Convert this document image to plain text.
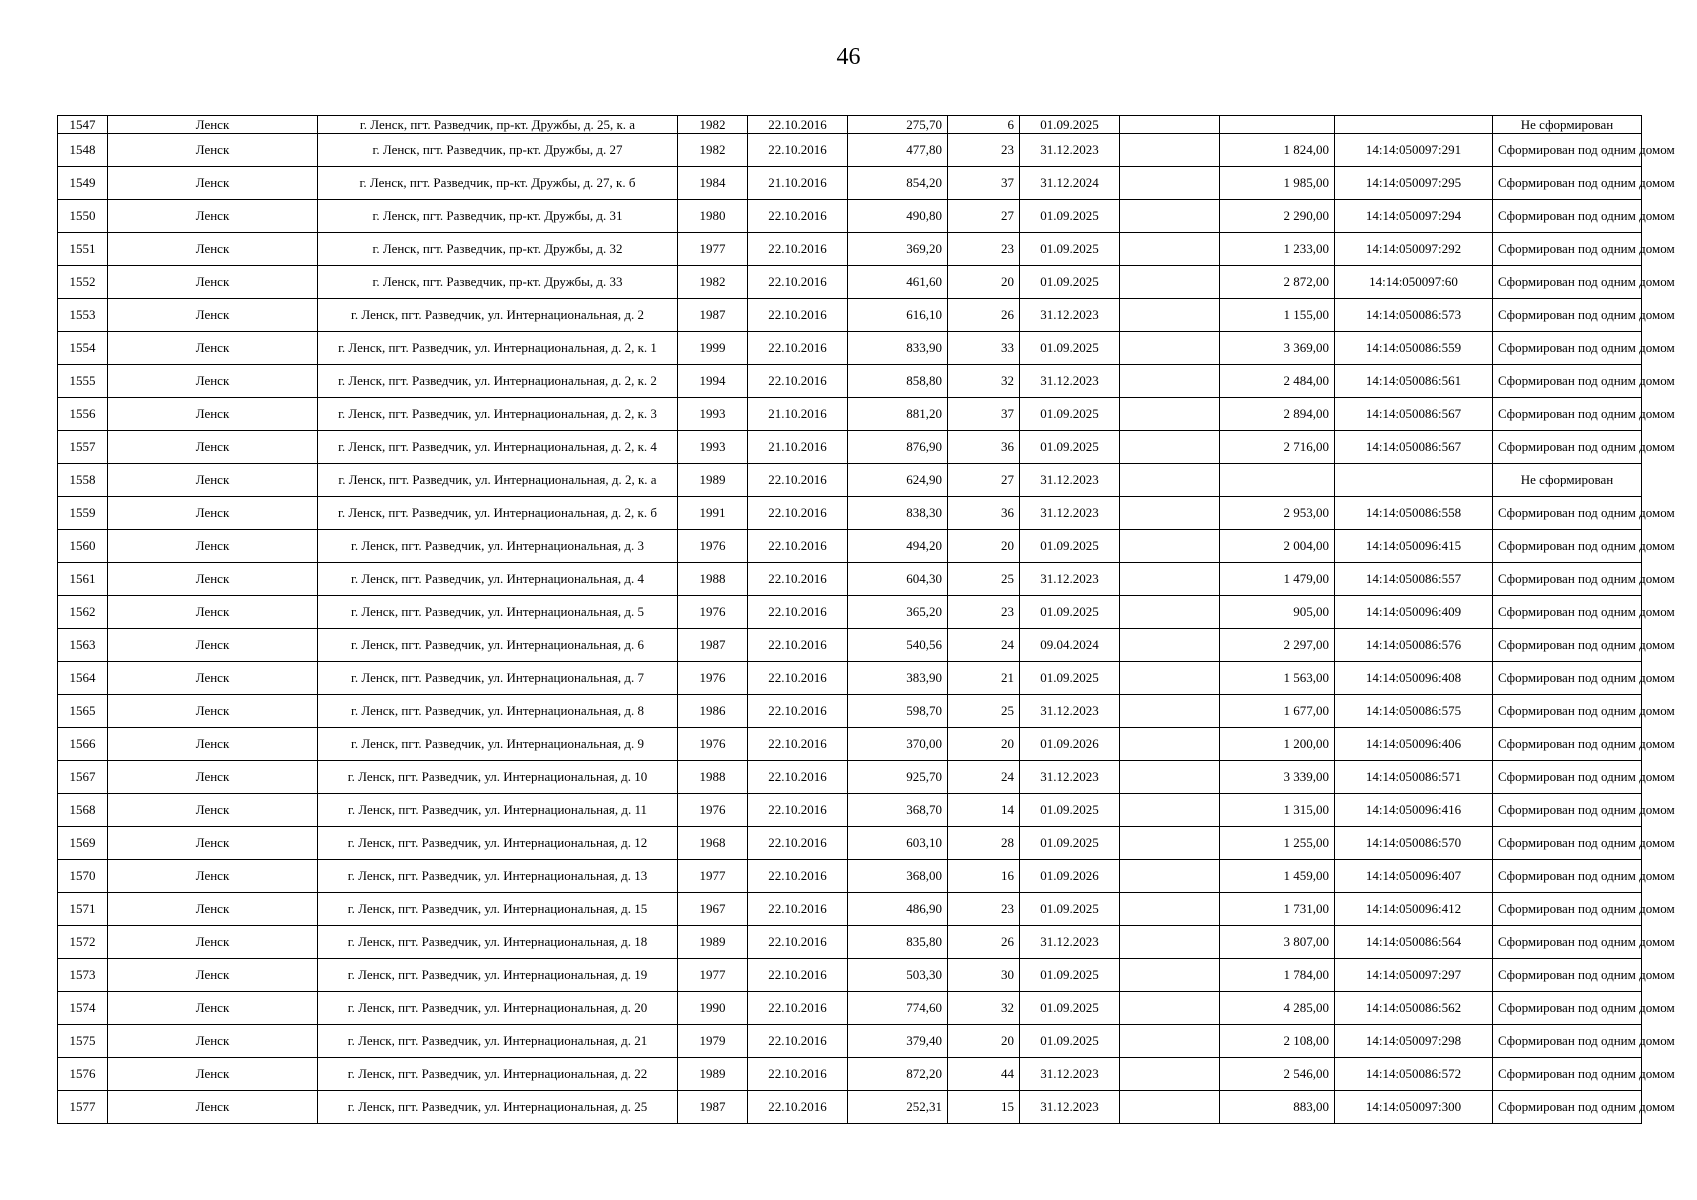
46
1547	Ленск	г. Ленск, пгт. Разведчик, пр-кт. Дружбы, д. 25, к. а	1982	22.10.2016	275,70	6	01.09.2025				Не сформирован
1548	Ленск	г. Ленск, пгт. Разведчик, пр-кт. Дружбы, д. 27	1982	22.10.2016	477,80	23	31.12.2023		1 824,00	14:14:050097:291	Сформирован под одним домом
1549	Ленск	г. Ленск, пгт. Разведчик, пр-кт. Дружбы, д. 27, к. б	1984	21.10.2016	854,20	37	31.12.2024		1 985,00	14:14:050097:295	Сформирован под одним домом
1550	Ленск	г. Ленск, пгт. Разведчик, пр-кт. Дружбы, д. 31	1980	22.10.2016	490,80	27	01.09.2025		2 290,00	14:14:050097:294	Сформирован под одним домом
1551	Ленск	г. Ленск, пгт. Разведчик, пр-кт. Дружбы, д. 32	1977	22.10.2016	369,20	23	01.09.2025		1 233,00	14:14:050097:292	Сформирован под одним домом
1552	Ленск	г. Ленск, пгт. Разведчик, пр-кт. Дружбы, д. 33	1982	22.10.2016	461,60	20	01.09.2025		2 872,00	14:14:050097:60	Сформирован под одним домом
1553	Ленск	г. Ленск, пгт. Разведчик, ул. Интернациональная, д. 2	1987	22.10.2016	616,10	26	31.12.2023		1 155,00	14:14:050086:573	Сформирован под одним домом
1554	Ленск	г. Ленск, пгт. Разведчик, ул. Интернациональная, д. 2, к. 1	1999	22.10.2016	833,90	33	01.09.2025		3 369,00	14:14:050086:559	Сформирован под одним домом
1555	Ленск	г. Ленск, пгт. Разведчик, ул. Интернациональная, д. 2, к. 2	1994	22.10.2016	858,80	32	31.12.2023		2 484,00	14:14:050086:561	Сформирован под одним домом
1556	Ленск	г. Ленск, пгт. Разведчик, ул. Интернациональная, д. 2, к. 3	1993	21.10.2016	881,20	37	01.09.2025		2 894,00	14:14:050086:567	Сформирован под одним домом
1557	Ленск	г. Ленск, пгт. Разведчик, ул. Интернациональная, д. 2, к. 4	1993	21.10.2016	876,90	36	01.09.2025		2 716,00	14:14:050086:567	Сформирован под одним домом
1558	Ленск	г. Ленск, пгт. Разведчик, ул. Интернациональная, д. 2, к. а	1989	22.10.2016	624,90	27	31.12.2023				Не сформирован
1559	Ленск	г. Ленск, пгт. Разведчик, ул. Интернациональная, д. 2, к. б	1991	22.10.2016	838,30	36	31.12.2023		2 953,00	14:14:050086:558	Сформирован под одним домом
1560	Ленск	г. Ленск, пгт. Разведчик, ул. Интернациональная, д. 3	1976	22.10.2016	494,20	20	01.09.2025		2 004,00	14:14:050096:415	Сформирован под одним домом
1561	Ленск	г. Ленск, пгт. Разведчик, ул. Интернациональная, д. 4	1988	22.10.2016	604,30	25	31.12.2023		1 479,00	14:14:050086:557	Сформирован под одним домом
1562	Ленск	г. Ленск, пгт. Разведчик, ул. Интернациональная, д. 5	1976	22.10.2016	365,20	23	01.09.2025		905,00	14:14:050096:409	Сформирован под одним домом
1563	Ленск	г. Ленск, пгт. Разведчик, ул. Интернациональная, д. 6	1987	22.10.2016	540,56	24	09.04.2024		2 297,00	14:14:050086:576	Сформирован под одним домом
1564	Ленск	г. Ленск, пгт. Разведчик, ул. Интернациональная, д. 7	1976	22.10.2016	383,90	21	01.09.2025		1 563,00	14:14:050096:408	Сформирован под одним домом
1565	Ленск	г. Ленск, пгт. Разведчик, ул. Интернациональная, д. 8	1986	22.10.2016	598,70	25	31.12.2023		1 677,00	14:14:050086:575	Сформирован под одним домом
1566	Ленск	г. Ленск, пгт. Разведчик, ул. Интернациональная, д. 9	1976	22.10.2016	370,00	20	01.09.2026		1 200,00	14:14:050096:406	Сформирован под одним домом
1567	Ленск	г. Ленск, пгт. Разведчик, ул. Интернациональная, д. 10	1988	22.10.2016	925,70	24	31.12.2023		3 339,00	14:14:050086:571	Сформирован под одним домом
1568	Ленск	г. Ленск, пгт. Разведчик, ул. Интернациональная, д. 11	1976	22.10.2016	368,70	14	01.09.2025		1 315,00	14:14:050096:416	Сформирован под одним домом
1569	Ленск	г. Ленск, пгт. Разведчик, ул. Интернациональная, д. 12	1968	22.10.2016	603,10	28	01.09.2025		1 255,00	14:14:050086:570	Сформирован под одним домом
1570	Ленск	г. Ленск, пгт. Разведчик, ул. Интернациональная, д. 13	1977	22.10.2016	368,00	16	01.09.2026		1 459,00	14:14:050096:407	Сформирован под одним домом
1571	Ленск	г. Ленск, пгт. Разведчик, ул. Интернациональная, д. 15	1967	22.10.2016	486,90	23	01.09.2025		1 731,00	14:14:050096:412	Сформирован под одним домом
1572	Ленск	г. Ленск, пгт. Разведчик, ул. Интернациональная, д. 18	1989	22.10.2016	835,80	26	31.12.2023		3 807,00	14:14:050086:564	Сформирован под одним домом
1573	Ленск	г. Ленск, пгт. Разведчик, ул. Интернациональная, д. 19	1977	22.10.2016	503,30	30	01.09.2025		1 784,00	14:14:050097:297	Сформирован под одним домом
1574	Ленск	г. Ленск, пгт. Разведчик, ул. Интернациональная, д. 20	1990	22.10.2016	774,60	32	01.09.2025		4 285,00	14:14:050086:562	Сформирован под одним домом
1575	Ленск	г. Ленск, пгт. Разведчик, ул. Интернациональная, д. 21	1979	22.10.2016	379,40	20	01.09.2025		2 108,00	14:14:050097:298	Сформирован под одним домом
1576	Ленск	г. Ленск, пгт. Разведчик, ул. Интернациональная, д. 22	1989	22.10.2016	872,20	44	31.12.2023		2 546,00	14:14:050086:572	Сформирован под одним домом
1577	Ленск	г. Ленск, пгт. Разведчик, ул. Интернациональная, д. 25	1987	22.10.2016	252,31	15	31.12.2023		883,00	14:14:050097:300	Сформирован под одним домом
